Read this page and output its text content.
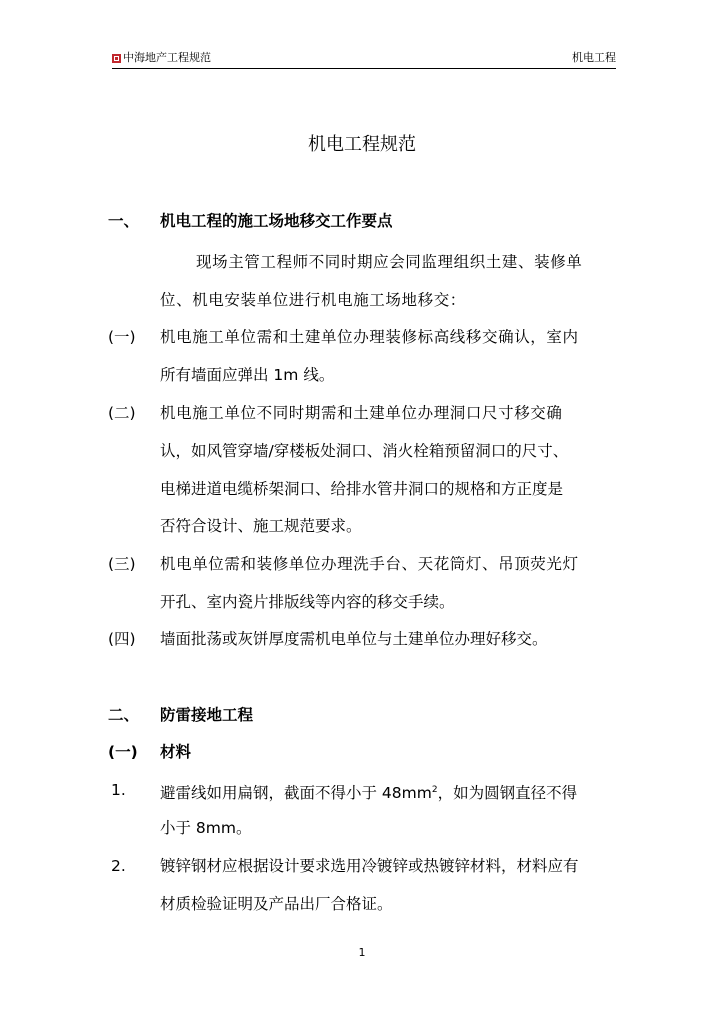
中海地产工程规范	机电工程
机电工程规范
一、 机电工程的施工场地移交工作要点
现场主管工程师不同时期应会同监理组织土建、装修单
位、机电安装单位进行机电施工场地移交：
(一) 机电施工单位需和土建单位办理装修标高线移交确认，室内
所有墙面应弹出 1m 线。
(二) 机电施工单位不同时期需和土建单位办理洞口尺寸移交确
认，如风管穿墙/穿楼板处洞口、消火栓箱预留洞口的尺寸、
电梯进道电缆桥架洞口、给排水管井洞口的规格和方正度是
否符合设计、施工规范要求。
(三) 机电单位需和装修单位办理洗手台、天花筒灯、吊顶荧光灯
开孔、室内瓷片排版线等内容的移交手续。
(四) 墙面批荡或灰饼厚度需机电单位与土建单位办理好移交。
二、 防雷接地工程
(一) 材料
1. 避雷线如用扁钢，截面不得小于 $48mm^2$，如为圆钢直径不得
小于 8mm。
2. 镀锌钢材应根据设计要求选用冷镀锌或热镀锌材料，材料应有
材质检验证明及产品出厂合格证。
1
